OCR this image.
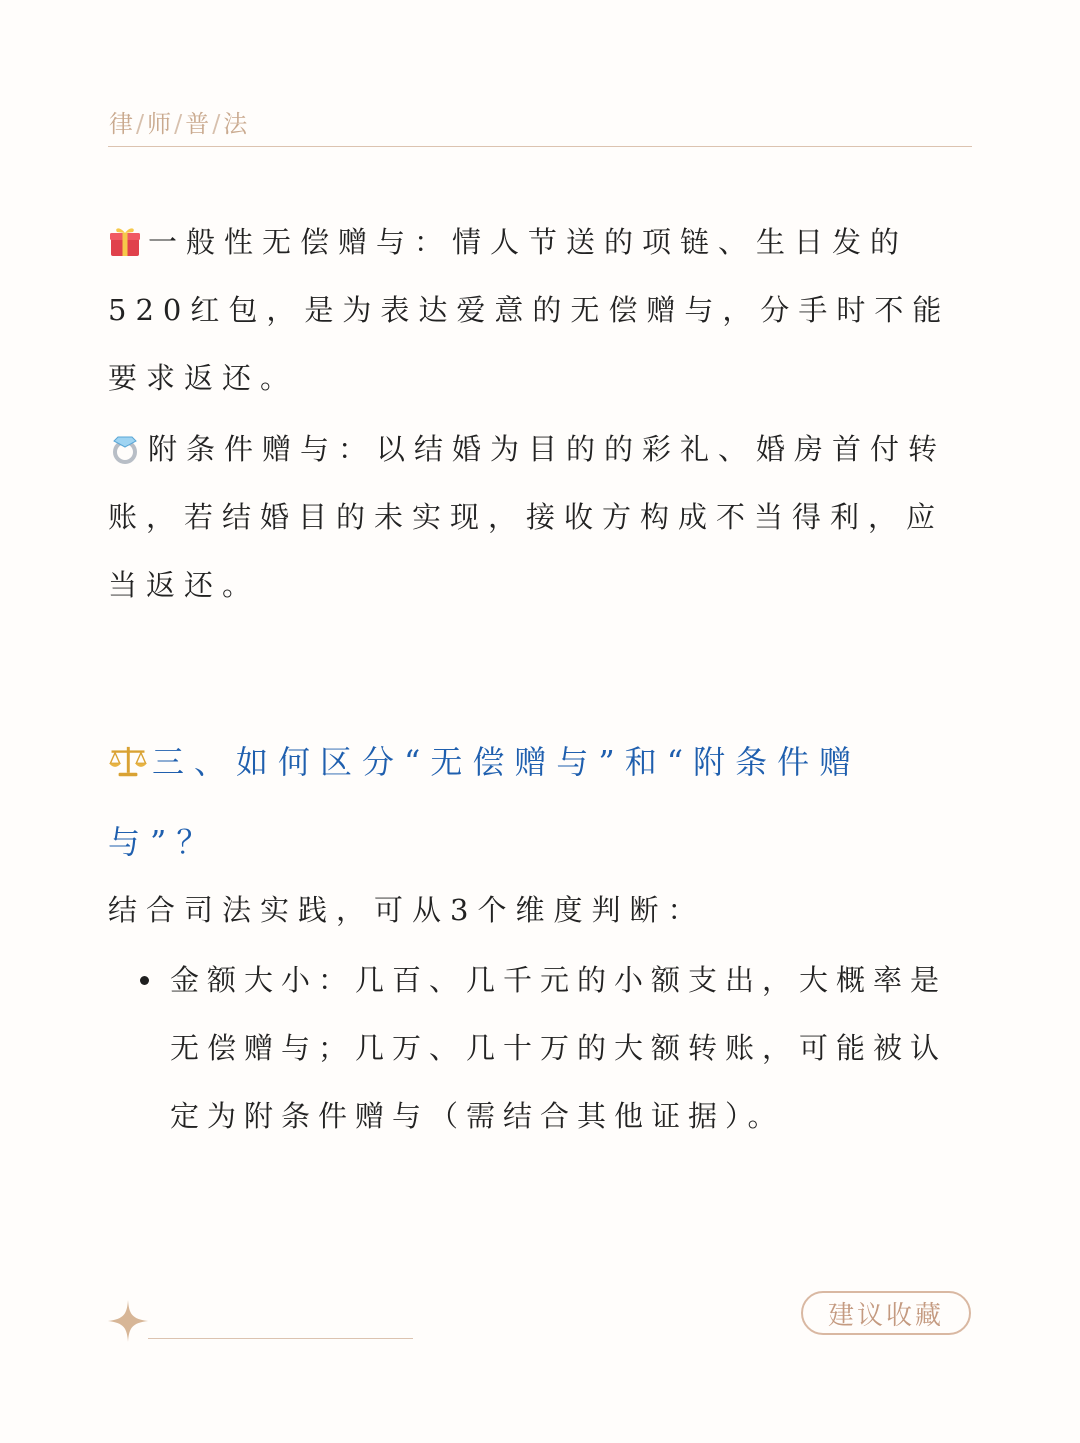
律/师/普/法
一般性无偿赠与：情人节送的项链、生日发的520红包，是为表达爱意的无偿赠与，分手时不能要求返还。
附条件赠与：以结婚为目的的彩礼、婚房首付转账，若结婚目的未实现，接收方构成不当得利，应当返还。
三、如何区分“无偿赠与”和“附条件赠与”？
结合司法实践，可从3个维度判断：
金额大小：几百、几千元的小额支出，大概率是无偿赠与；几万、几十万的大额转账，可能被认定为附条件赠与（需结合其他证据）。
建议收藏
